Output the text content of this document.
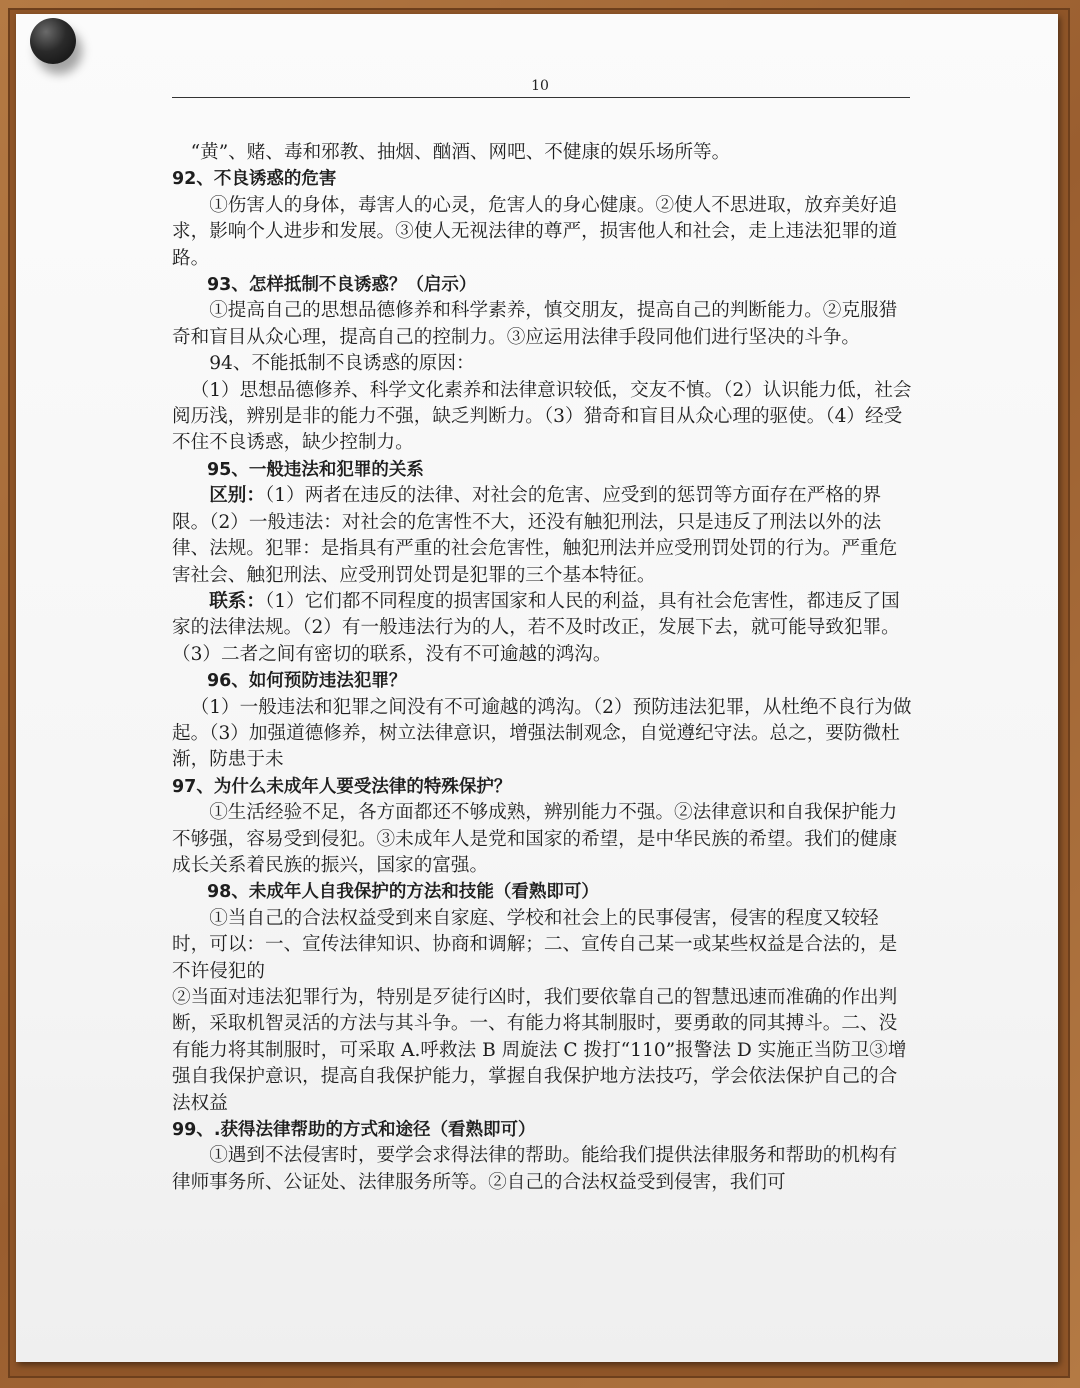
10

“黄”、赌、毒和邪教、抽烟、酗酒、网吧、不健康的娱乐场所等。

92、不良诱惑的危害

①伤害人的身体，毒害人的心灵，危害人的身心健康。②使人不思进取，放弃美好追求，影响个人进步和发展。③使人无视法律的尊严，损害他人和社会，走上违法犯罪的道路。

93、怎样抵制不良诱惑？（启示）

①提高自己的思想品德修养和科学素养，慎交朋友，提高自己的判断能力。②克服猎奇和盲目从众心理，提高自己的控制力。③应运用法律手段同他们进行坚决的斗争。

94、不能抵制不良诱惑的原因：

（1）思想品德修养、科学文化素养和法律意识较低，交友不慎。（2）认识能力低，社会阅历浅，辨别是非的能力不强，缺乏判断力。（3）猎奇和盲目从众心理的驱使。（4）经受不住不良诱惑，缺少控制力。

95、一般违法和犯罪的关系

区别：（1）两者在违反的法律、对社会的危害、应受到的惩罚等方面存在严格的界限。（2）一般违法：对社会的危害性不大，还没有触犯刑法，只是违反了刑法以外的法律、法规。犯罪：是指具有严重的社会危害性，触犯刑法并应受刑罚处罚的行为。严重危害社会、触犯刑法、应受刑罚处罚是犯罪的三个基本特征。

联系：（1）它们都不同程度的损害国家和人民的利益，具有社会危害性，都违反了国家的法律法规。（2）有一般违法行为的人，若不及时改正，发展下去，就可能导致犯罪。（3）二者之间有密切的联系，没有不可逾越的鸿沟。

96、如何预防违法犯罪？

（1）一般违法和犯罪之间没有不可逾越的鸿沟。（2）预防违法犯罪，从杜绝不良行为做起。（3）加强道德修养，树立法律意识，增强法制观念，自觉遵纪守法。总之，要防微杜渐，防患于未

97、为什么未成年人要受法律的特殊保护？

①生活经验不足，各方面都还不够成熟，辨别能力不强。②法律意识和自我保护能力不够强，容易受到侵犯。③未成年人是党和国家的希望，是中华民族的希望。我们的健康成长关系着民族的振兴，国家的富强。

98、未成年人自我保护的方法和技能（看熟即可）

①当自己的合法权益受到来自家庭、学校和社会上的民事侵害，侵害的程度又较轻时，可以：一、宣传法律知识、协商和调解；二、宣传自己某一或某些权益是合法的，是不许侵犯的

②当面对违法犯罪行为，特别是歹徒行凶时，我们要依靠自己的智慧迅速而准确的作出判断，采取机智灵活的方法与其斗争。一、有能力将其制服时，要勇敢的同其搏斗。二、没有能力将其制服时，可采取 A.呼救法 B 周旋法 C 拨打“110”报警法 D 实施正当防卫③增强自我保护意识，提高自我保护能力，掌握自我保护地方法技巧，学会依法保护自己的合法权益

99、.获得法律帮助的方式和途径（看熟即可）

①遇到不法侵害时，要学会求得法律的帮助。能给我们提供法律服务和帮助的机构有律师事务所、公证处、法律服务所等。②自己的合法权益受到侵害，我们可
